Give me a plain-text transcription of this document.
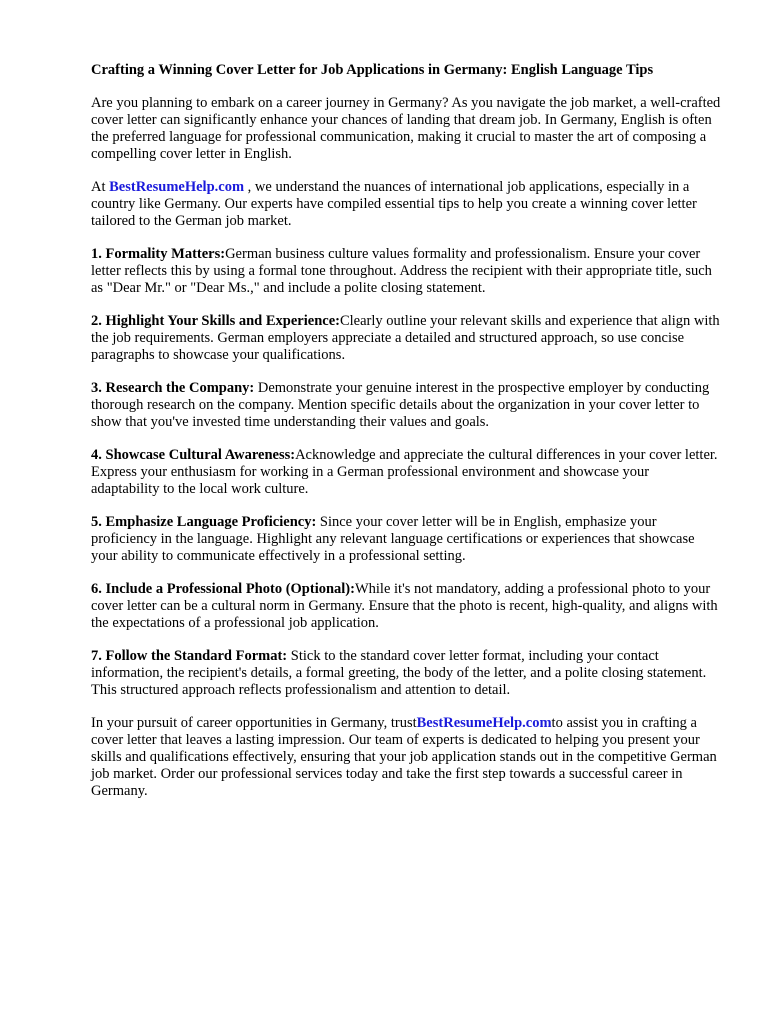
Crafting a Winning Cover Letter for Job Applications in Germany: English Language Tips

Are you planning to embark on a career journey in Germany? As you navigate the job market, a well-crafted cover letter can significantly enhance your chances of landing that dream job. In Germany, English is often the preferred language for professional communication, making it crucial to master the art of composing a compelling cover letter in English.

At BestResumeHelp.com , we understand the nuances of international job applications, especially in a country like Germany. Our experts have compiled essential tips to help you create a winning cover letter tailored to the German job market.

1. Formality Matters:German business culture values formality and professionalism. Ensure your cover letter reflects this by using a formal tone throughout. Address the recipient with their appropriate title, such as "Dear Mr." or "Dear Ms.," and include a polite closing statement.

2. Highlight Your Skills and Experience:Clearly outline your relevant skills and experience that align with the job requirements. German employers appreciate a detailed and structured approach, so use concise paragraphs to showcase your qualifications.

3. Research the Company: Demonstrate your genuine interest in the prospective employer by conducting thorough research on the company. Mention specific details about the organization in your cover letter to show that you've invested time understanding their values and goals.

4. Showcase Cultural Awareness:Acknowledge and appreciate the cultural differences in your cover letter. Express your enthusiasm for working in a German professional environment and showcase your adaptability to the local work culture.

5. Emphasize Language Proficiency: Since your cover letter will be in English, emphasize your proficiency in the language. Highlight any relevant language certifications or experiences that showcase your ability to communicate effectively in a professional setting.

6. Include a Professional Photo (Optional):While it's not mandatory, adding a professional photo to your cover letter can be a cultural norm in Germany. Ensure that the photo is recent, high-quality, and aligns with the expectations of a professional job application.

7. Follow the Standard Format: Stick to the standard cover letter format, including your contact information, the recipient's details, a formal greeting, the body of the letter, and a polite closing statement. This structured approach reflects professionalism and attention to detail.

In your pursuit of career opportunities in Germany, trustBestResumeHelp.comto assist you in crafting a cover letter that leaves a lasting impression. Our team of experts is dedicated to helping you present your skills and qualifications effectively, ensuring that your job application stands out in the competitive German job market. Order our professional services today and take the first step towards a successful career in Germany.
